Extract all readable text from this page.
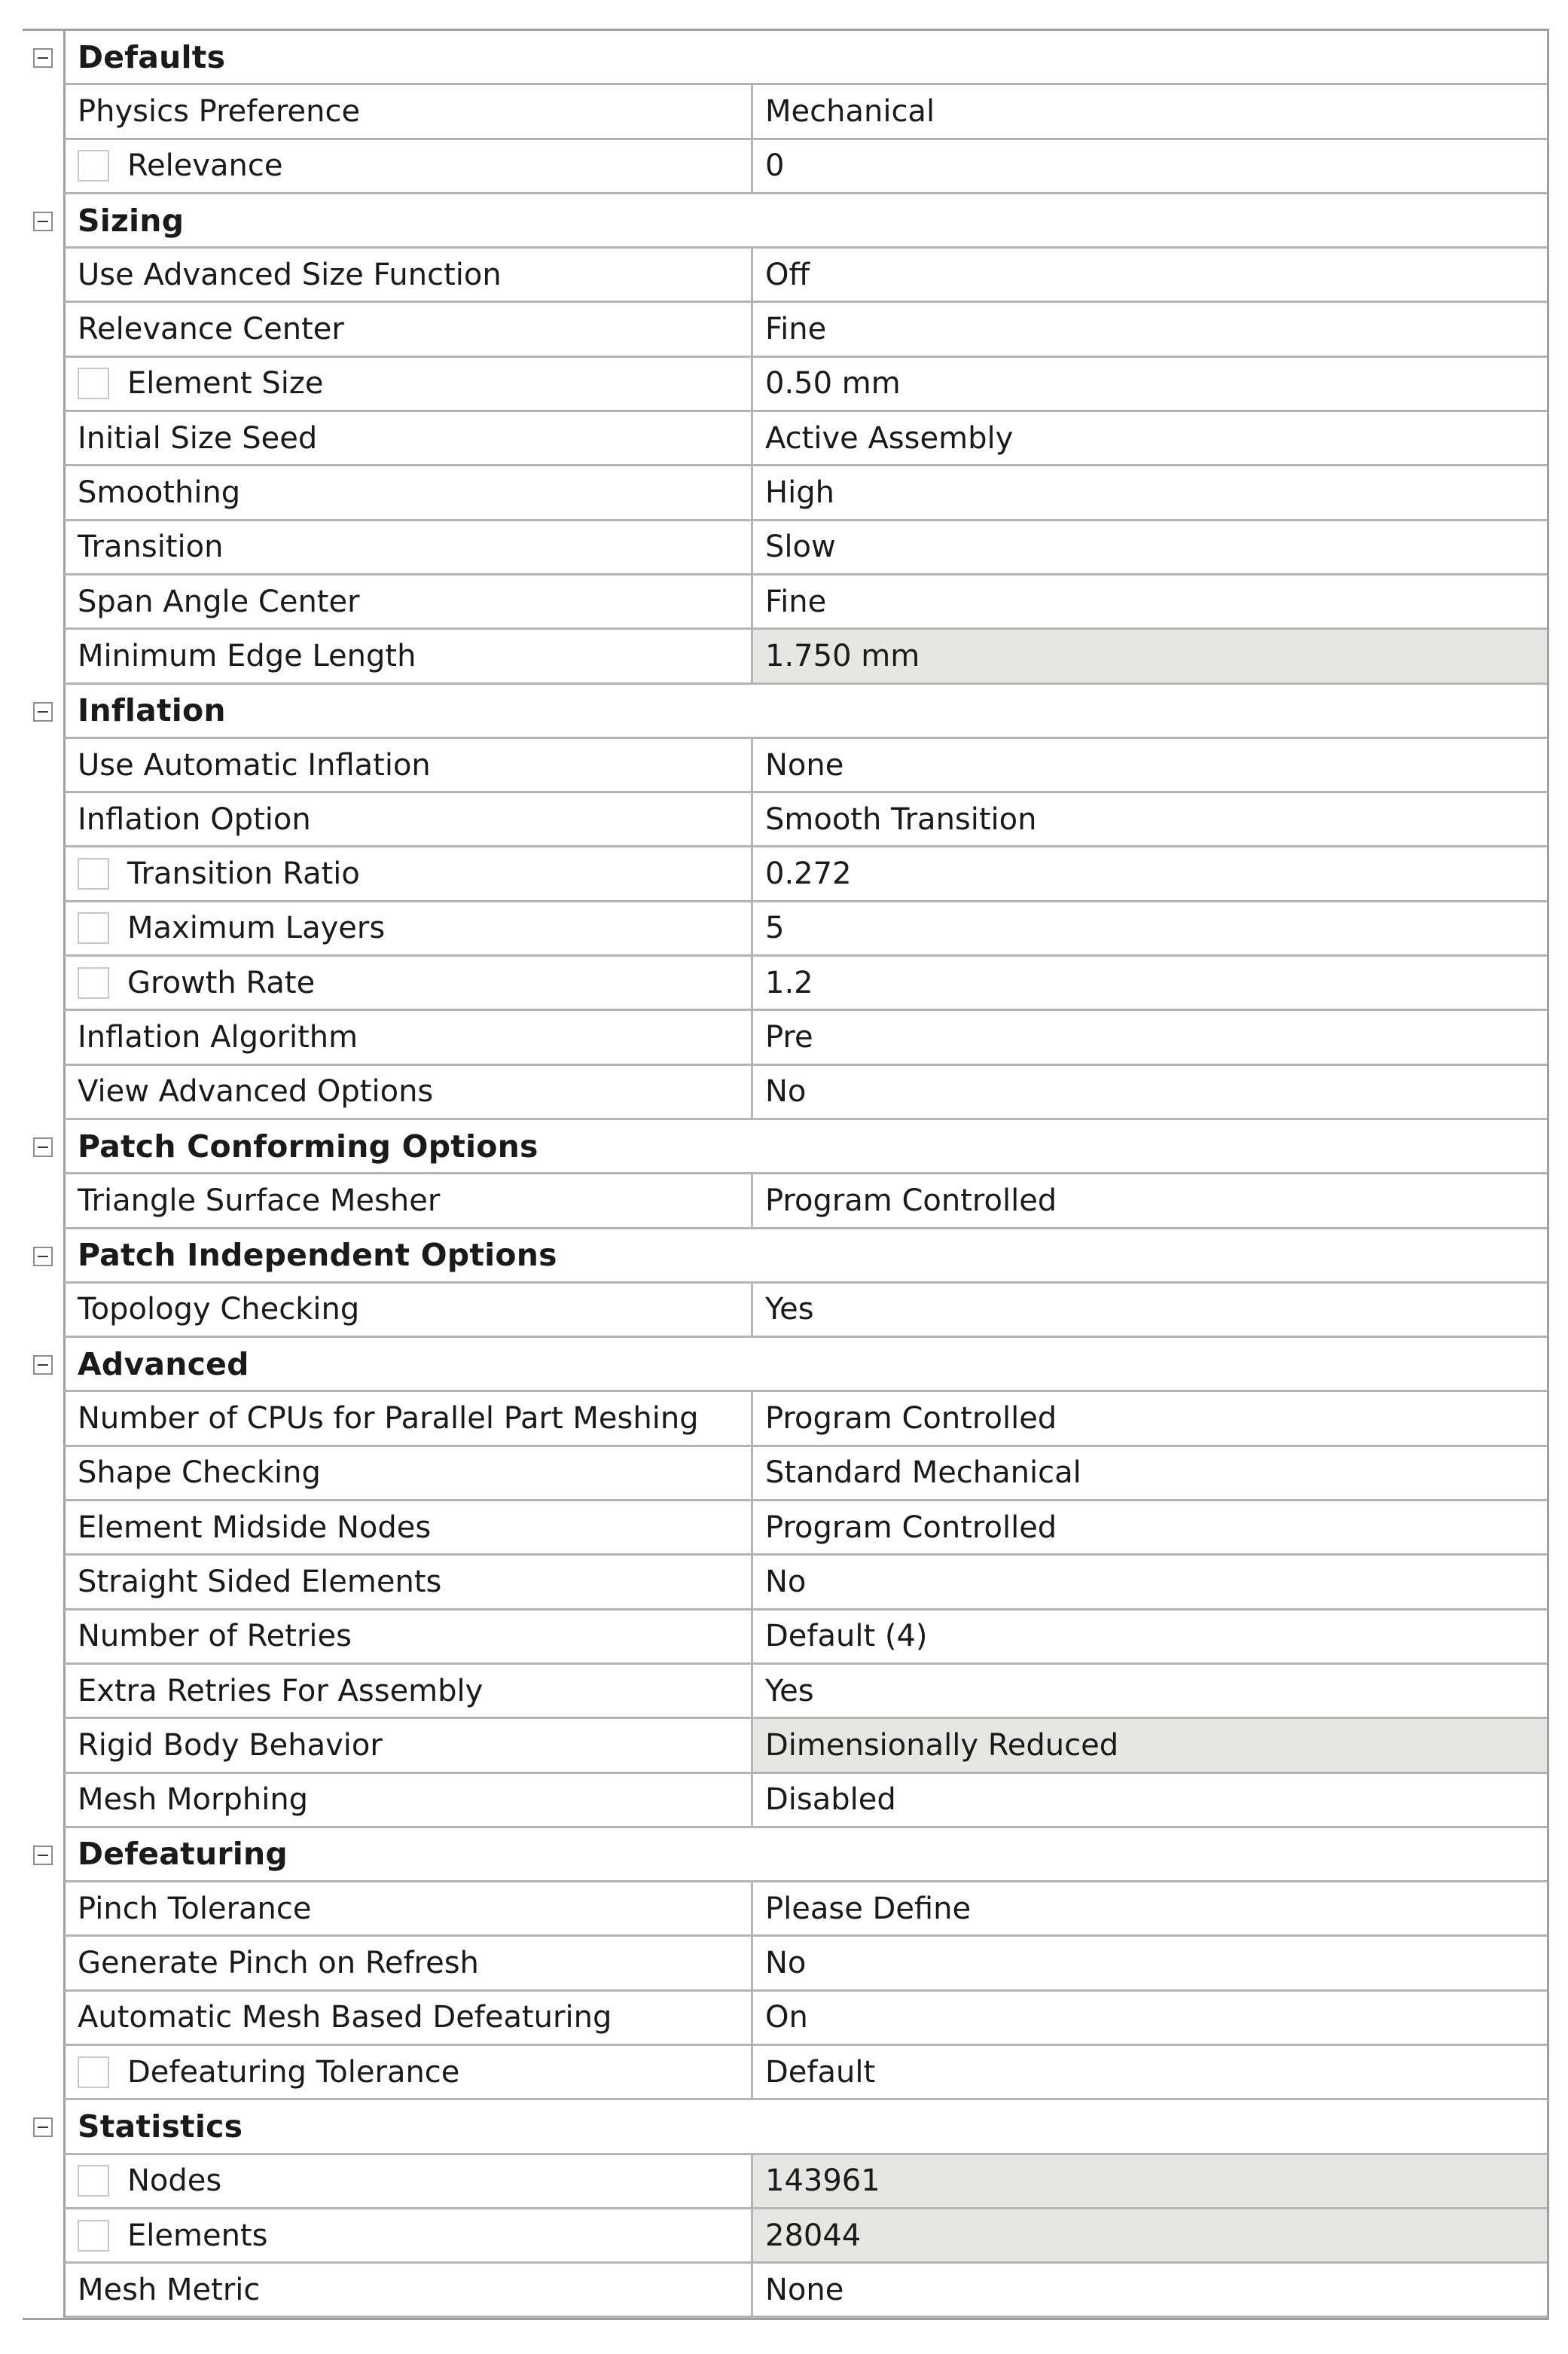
Defaults
Physics Preference	Mechanical
Relevance	0
Sizing
Use Advanced Size Function	Off
Relevance Center	Fine
Element Size	0.50 mm
Initial Size Seed	Active Assembly
Smoothing	High
Transition	Slow
Span Angle Center	Fine
Minimum Edge Length	1.750 mm
Inflation
Use Automatic Inflation	None
Inflation Option	Smooth Transition
Transition Ratio	0.272
Maximum Layers	5
Growth Rate	1.2
Inflation Algorithm	Pre
View Advanced Options	No
Patch Conforming Options
Triangle Surface Mesher	Program Controlled
Patch Independent Options
Topology Checking	Yes
Advanced
Number of CPUs for Parallel Part Meshing	Program Controlled
Shape Checking	Standard Mechanical
Element Midside Nodes	Program Controlled
Straight Sided Elements	No
Number of Retries	Default (4)
Extra Retries For Assembly	Yes
Rigid Body Behavior	Dimensionally Reduced
Mesh Morphing	Disabled
Defeaturing
Pinch Tolerance	Please Define
Generate Pinch on Refresh	No
Automatic Mesh Based Defeaturing	On
Defeaturing Tolerance	Default
Statistics
Nodes	143961
Elements	28044
Mesh Metric	None
